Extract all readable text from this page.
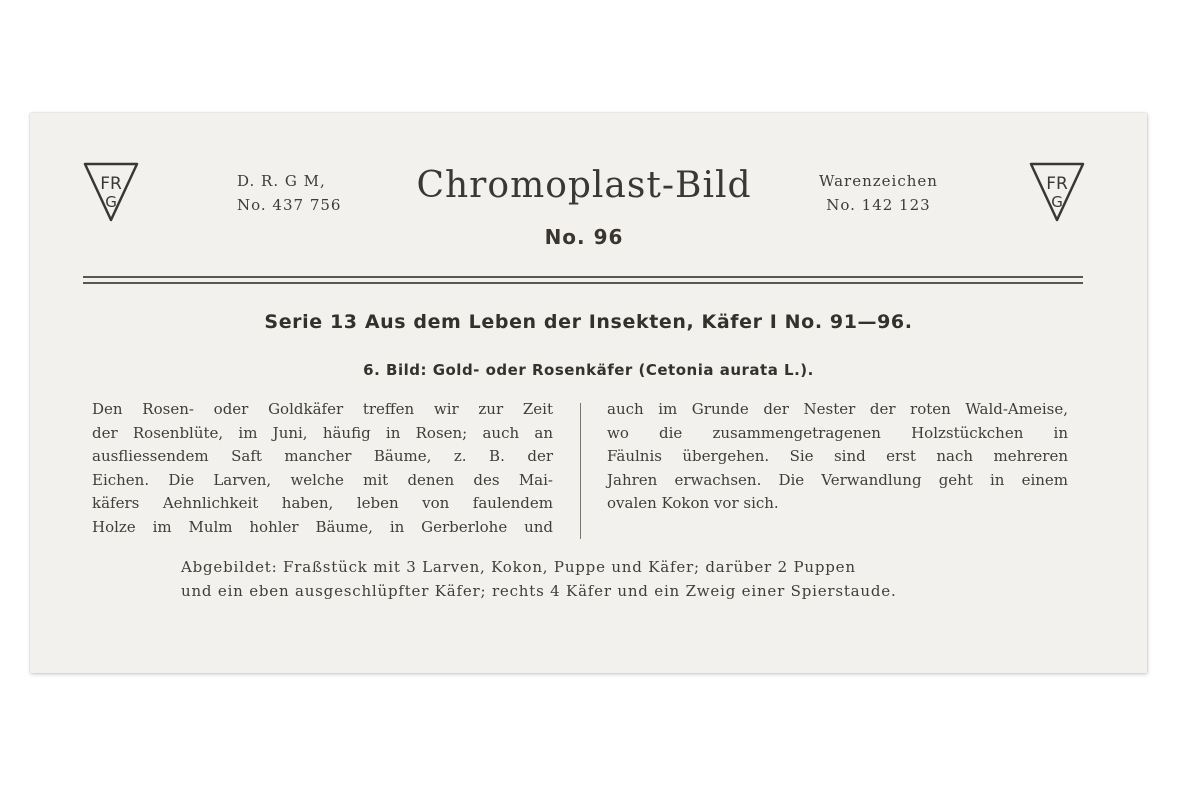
FR
G
D. R. G M,
No. 437 756	Chromoplast-Bild
No. 96
Warenzeichen
No. 142 123
FR
G
Serie 13 Aus dem Leben der Insekten, Käfer I No. 91—96.
6. Bild: Gold- oder Rosenkäfer (Cetonia aurata L.).
Den Rosen- oder Goldkäfer treffen wir zur Zeit
der Rosenblüte, im Juni, häufig in Rosen; auch an
ausfliessendem Saft mancher Bäume, z. B. der
Eichen. Die Larven, welche mit denen des Mai-
käfers Aehnlichkeit haben, leben von faulendem
Holze im Mulm hohler Bäume, in Gerberlohe und
auch im Grunde der Nester der roten Wald-Ameise,
wo die zusammengetragenen Holzstückchen in
Fäulnis übergehen. Sie sind erst nach mehreren
Jahren erwachsen. Die Verwandlung geht in einem
ovalen Kokon vor sich.
Abgebildet: Fraßstück mit 3 Larven, Kokon, Puppe und Käfer; darüber 2 Puppen
und ein eben ausgeschlüpfter Käfer; rechts 4 Käfer und ein Zweig einer Spierstaude.
